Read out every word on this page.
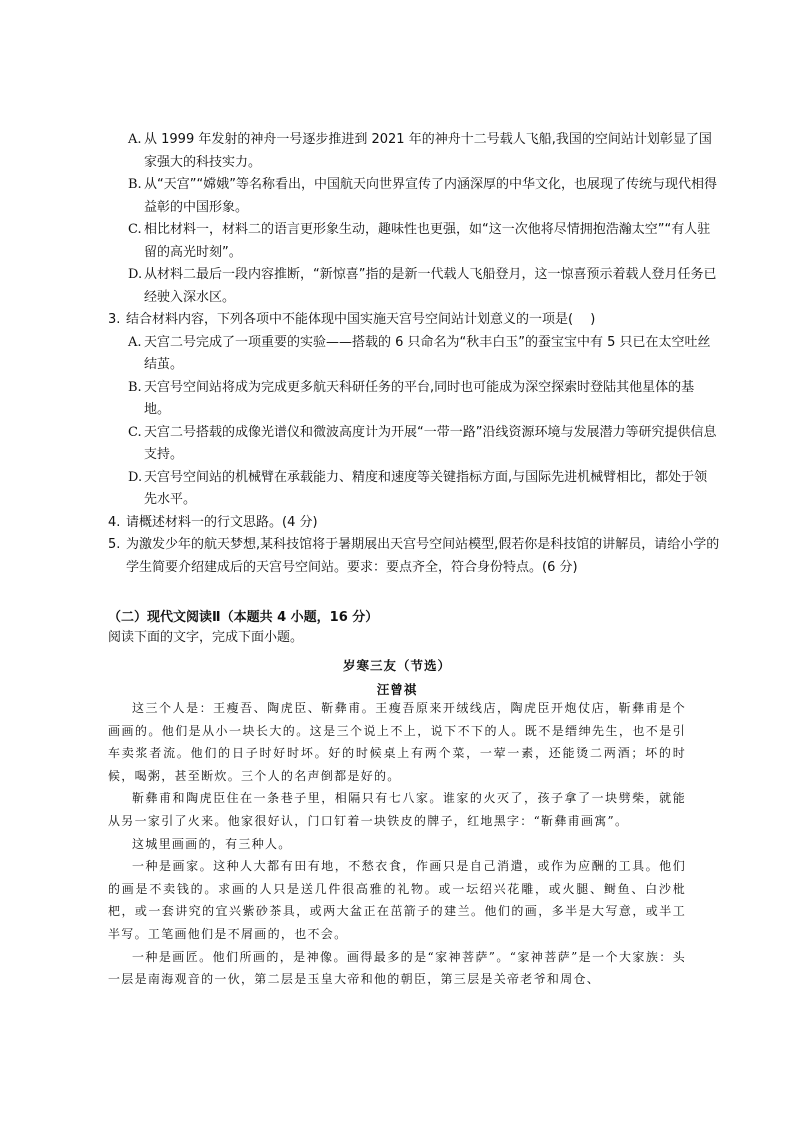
A. 从 1999 年发射的神舟一号逐步推进到 2021 年的神舟十二号载人飞船,我国的空间站计划彰显了国家强大的科技实力。
B. 从“天宫”“嫦娥”等名称看出，中国航天向世界宣传了内涵深厚的中华文化，也展现了传统与现代相得益彰的中国形象。
C. 相比材料一，材料二的语言更形象生动，趣味性也更强，如“这一次他将尽情拥抱浩瀚太空”“有人驻留的高光时刻”。
D. 从材料二最后一段内容推断，“新惊喜”指的是新一代载人飞船登月，这一惊喜预示着载人登月任务已经驶入深水区。
3. 结合材料内容，下列各项中不能体现中国实施天宫号空间站计划意义的一项是(　 )
A. 天宫二号完成了一项重要的实验——搭载的 6 只命名为“秋丰白玉”的蚕宝宝中有 5 只已在太空吐丝结茧。
B. 天宫号空间站将成为完成更多航天科研任务的平台,同时也可能成为深空探索时登陆其他星体的基地。
C. 天宫二号搭载的成像光谱仪和微波高度计为开展“一带一路”沿线资源环境与发展潜力等研究提供信息支持。
D. 天宫号空间站的机械臂在承载能力、精度和速度等关键指标方面,与国际先进机械臂相比，都处于领先水平。
4. 请概述材料一的行文思路。(4 分)
5. 为激发少年的航天梦想,某科技馆将于暑期展出天宫号空间站模型,假若你是科技馆的讲解员，请给小学的学生简要介绍建成后的天宫号空间站。要求：要点齐全，符合身份特点。(6 分)
（二）现代文阅读Ⅱ（本题共 4 小题，16 分）
阅读下面的文字，完成下面小题。
岁寒三友（节选）
汪曾祺

这三个人是：王瘦吾、陶虎臣、靳彝甫。王瘦吾原来开绒线店，陶虎臣开炮仗店，靳彝甫是个画画的。他们是从小一块长大的。这是三个说上不上，说下不下的人。既不是缙绅先生，也不是引车卖浆者流。他们的日子时好时坏。好的时候桌上有两个菜，一荤一素，还能烫二两酒；坏的时候，喝粥，甚至断炊。三个人的名声倒都是好的。

靳彝甫和陶虎臣住在一条巷子里，相隔只有七八家。谁家的火灭了，孩子拿了一块劈柴，就能从另一家引了火来。他家很好认，门口钉着一块铁皮的牌子，红地黑字：“靳彝甫画寓”。

这城里画画的，有三种人。

一种是画家。这种人大都有田有地，不愁衣食，作画只是自己消遣，或作为应酬的工具。他们的画是不卖钱的。求画的人只是送几件很高雅的礼物。或一坛绍兴花雕，或火腿、鲥鱼、白沙枇杷，或一套讲究的宜兴紫砂茶具，或两大盆正在茁箭子的建兰。他们的画，多半是大写意，或半工半写。工笔画他们是不屑画的，也不会。

一种是画匠。他们所画的，是神像。画得最多的是“家神菩萨”。“家神菩萨”是一个大家族：头一层是南海观音的一伙，第二层是玉皇大帝和他的朝臣，第三层是关帝老爷和周仓、
